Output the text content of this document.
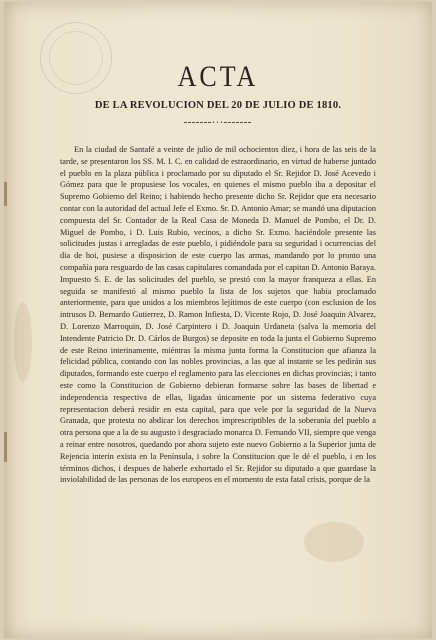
ACTA
DE LA REVOLUCION DEL 20 DE JULIO DE 1810.
━━━━━━━•••━━━━━━━

En la ciudad de Santafé a veinte de julio de mil ochocientos diez, i hora de las seis de la tarde, se presentaron los SS. M. I. C. en calidad de estraordinario, en virtud de haberse juntado el pueblo en la plaza pública i proclamado por su diputado el Sr. Rejidor D. José Acevedo i Gómez para que le propusiese los vocales, en quienes el mismo pueblo iba a depositar el Supremo Gobierno del Reino; i habiendo hecho presente dicho Sr. Rejidor que era necesario contar con la autoridad del actual Jefe el Exmo. Sr. D. Antonio Amar; se mandó una diputacion compuesta del Sr. Contador de la Real Casa de Moneda D. Manuel de Pombo, el Dr. D. Miguel de Pombo, i D. Luis Rubio, vecinos, a dicho Sr. Exmo. haciéndole presente las solicitudes justas i arregladas de este pueblo, i pidiéndole para su seguridad i ocurrencias del dia de hoi, pusiese a disposicion de este cuerpo las armas, mandando por lo pronto una compañía para resguardo de las casas capitulares comandada por el capitan D. Antonio Baraya. Impuesto S. E. de las solicitudes del pueblo, se prestó con la mayor franqueza a ellas. En seguida se manifestó al mismo pueblo la lista de los sujetos que habia proclamado anteriormente, para que unidos a los miembros lejítimos de este cuerpo (con esclusion de los intrusos D. Bernardo Gutierrez, D. Ramon Infiesta, D. Vicente Rojo, D. José Joaquin Alvarez, D. Lorenzo Marroquin, D. José Carpintero i D. Joaquin Urdaneta (salva la memoria del Intendente Patricio Dr. D. Cárlos de Burgos) se deposite en toda la junta el Gobierno Supremo de este Reino interinamente, miéntras la misma junta forma la Constitucion que afianza la felicidad pública, contando con las nobles provincias, a las que al instante se les pedirán sus diputados, formando este cuerpo el reglamento para las elecciones en dichas provincias; i tanto este como la Constitucion de Gobierno debieran formarse sobre las bases de libertad e independencia respectiva de ellas, ligadas únicamente por un sistema federativo cuya representacion deberá residir en esta capital, para que vele por la seguridad de la Nueva Granada, que protesta no abdicar los derechos imprescriptibles de la soberanía del pueblo a otra persona que a la de su augusto i desgraciado monarca D. Fernando VII, siempre que venga a reinar entre nosotros, quedando por ahora sujeto este nuevo Gobierno a la Superior junta de Rejencia interin exista en la Península, i sobre la Constitucion que le dé el pueblo, i en los términos dichos, i despues de haberle exhortado el Sr. Rejidor su diputado a que guardase la inviolabilidad de las personas de los europeos en el momento de esta fatal crisis, porque de la
